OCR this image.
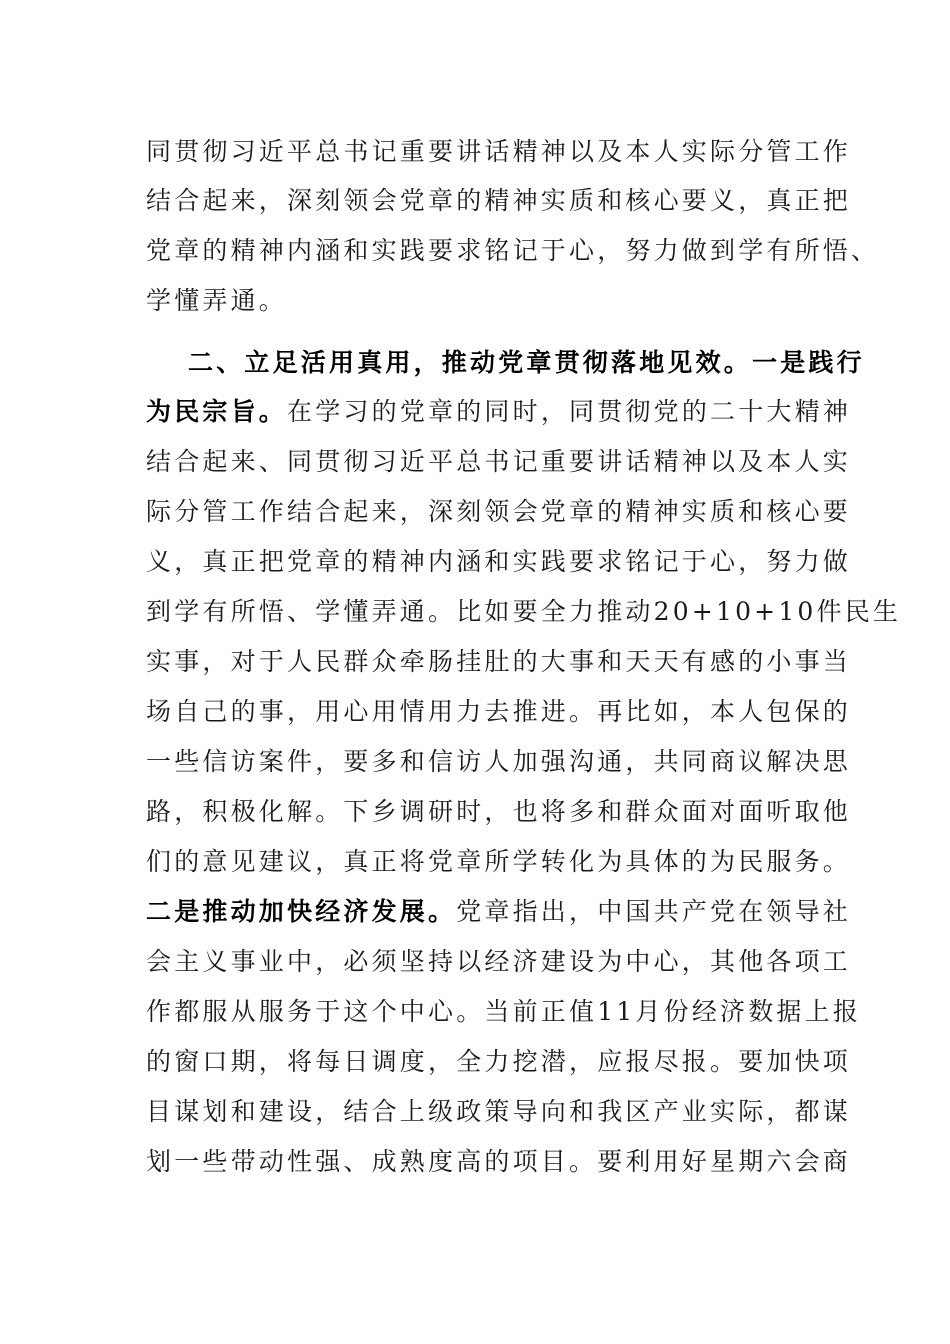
同贯彻习近平总书记重要讲话精神以及本人实际分管工作
结合起来，深刻领会党章的精神实质和核心要义，真正把
党章的精神内涵和实践要求铭记于心，努力做到学有所悟、
学懂弄通。
二、立足活用真用，推动党章贯彻落地见效。一是践行
为民宗旨。在学习的党章的同时，同贯彻党的二十大精神
结合起来、同贯彻习近平总书记重要讲话精神以及本人实
际分管工作结合起来，深刻领会党章的精神实质和核心要
义，真正把党章的精神内涵和实践要求铭记于心，努力做
到学有所悟、学懂弄通。比如要全力推动20+10+10件民生
实事，对于人民群众牵肠挂肚的大事和天天有感的小事当
场自己的事，用心用情用力去推进。再比如，本人包保的
一些信访案件，要多和信访人加强沟通，共同商议解决思
路，积极化解。下乡调研时，也将多和群众面对面听取他
们的意见建议，真正将党章所学转化为具体的为民服务。
二是推动加快经济发展。党章指出，中国共产党在领导社
会主义事业中，必须坚持以经济建设为中心，其他各项工
作都服从服务于这个中心。当前正值11月份经济数据上报
的窗口期，将每日调度，全力挖潜，应报尽报。要加快项
目谋划和建设，结合上级政策导向和我区产业实际，都谋
划一些带动性强、成熟度高的项目。要利用好星期六会商
